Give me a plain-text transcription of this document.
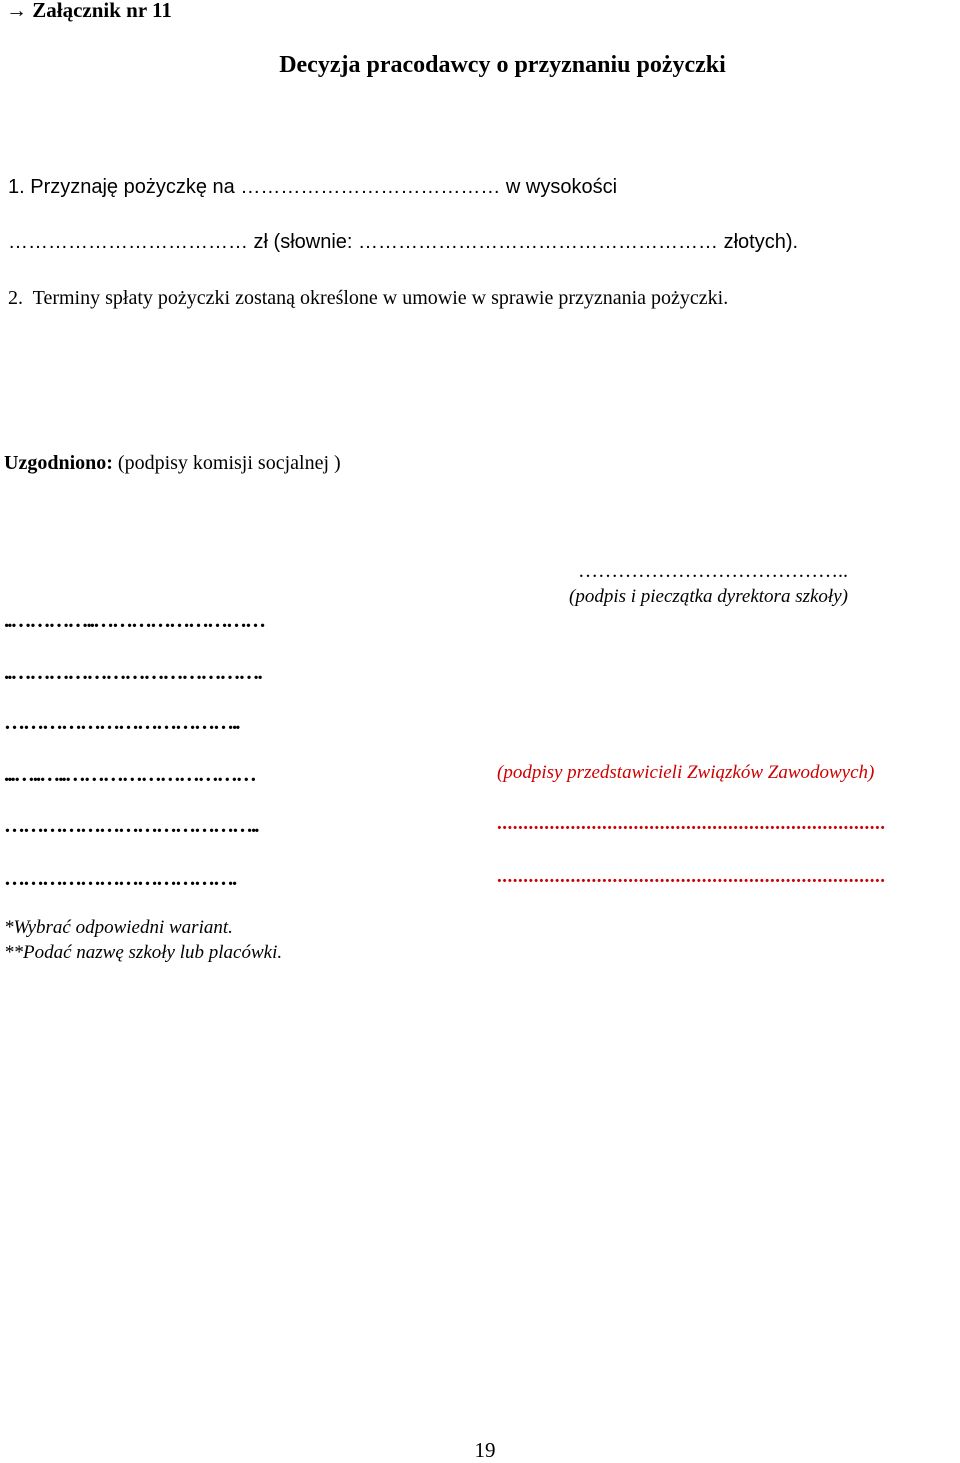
→ Załącznik nr 11
Decyzja pracodawcy o przyznaniu pożyczki
1. Przyznaję pożyczkę na ………………………………… w wysokości
……………………………… zł (słownie: ……………………………………………… złotych).
2. Terminy spłaty pożyczki zostaną określone w umowie w sprawie przyznania pożyczki.
Uzgodniono: (podpisy komisji socjalnej )
..…………..………………………
..………………………………….
………………………………..
...…..…..…………………………
…………………………………..
……………………………….
…………………………………..
(podpis i pieczątka dyrektora szkoły)
(podpisy przedstawicieli Związków Zawodowych)
..........................................................................
..........................................................................
*Wybrać odpowiedni wariant.
**Podać nazwę szkoły lub placówki.
19
